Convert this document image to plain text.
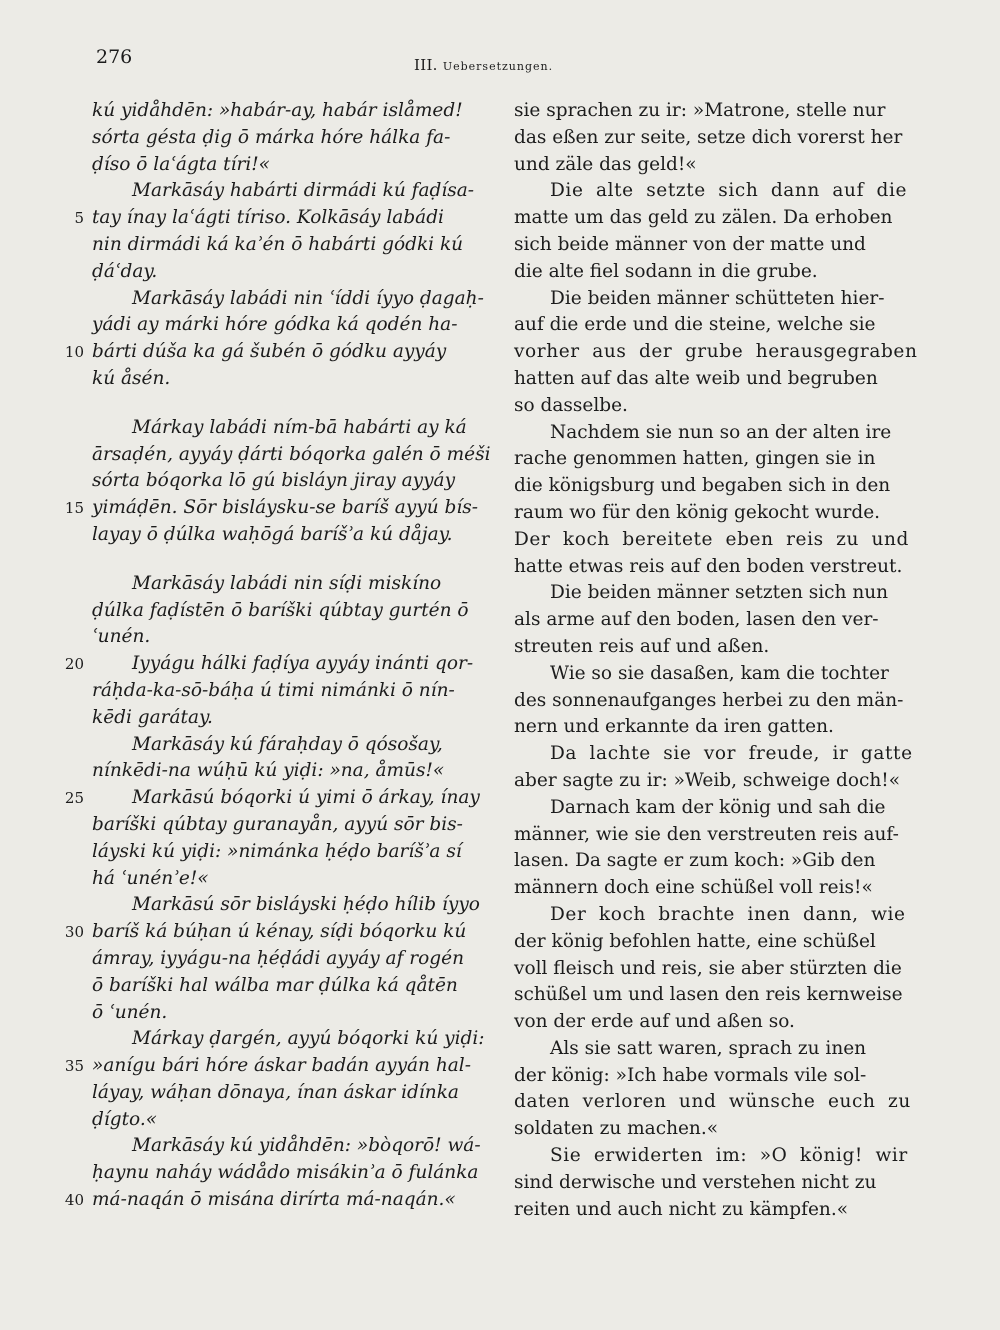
276	III. Uebersetzungen.
kú yidåhdēn: »habár-ay, habár islåmed!
sórta gésta ḍig ō márka hóre hálka fa-
ḍíso ō laʿágta tíri!«
Markāsáy habárti dirmádi kú faḍísa-
5 tay ínay laʿágti tíriso. Kolkāsáy labádi
nin dirmádi ká kaʾén ō habárti gódki kú
ḍáʿday.
Markāsáy labádi nin ʿíddi íyyo ḍagaḥ-
yádi ay márki hóre gódka ká qodén ha-
10 bárti dúša ka gá šubén ō gódku ayyáy
kú åsén.
Márkay labádi ním-bā habárti ay ká
ārsaḍén, ayyáy ḍárti bóqorka galén ō méši
sórta bóqorka lō gú bisláyn jiray ayyáy
15 yimáḍēn. Sōr bisláysku-se baríš ayyú bís-
layay ō ḍúlka waḥōgá baríšʾa kú dåjay.
Markāsáy labádi nin síḍi miskíno
ḍúlka faḍístēn ō baríški qúbtay gurtén ō
ʿunén.
20	Iyyágu hálki faḍíya ayyáy inánti qor-
ráḥda-ka-sō-báḥa ú timi nimánki ō nín-
kēdi garátay.
Markāsáy kú fáraḥday ō qósošay,
nínkēdi-na wúḥū kú yiḍi: »na, åmūs!«
25	Markāsú bóqorki ú yimi ō árkay, ínay
baríški qúbtay guranayån, ayyú sōr bis-
láyski kú yiḍi: »nimánka ḥéḍo baríšʾa sí
há ʿunénʾe!«
Markāsú sōr bisláyski ḥéḍo hílib íyyo
30 baríš ká búḥan ú kénay, síḍi bóqorku kú
ámray, iyyágu-na ḥéḍádi ayyáy af rogén
ō baríški hal wálba mar ḍúlka ká qåtēn
ō ʿunén.
Márkay ḍargén, ayyú bóqorki kú yiḍi:
35 »anígu bári hóre áskar badán ayyán hal-
láyay, wáḥan dōnaya, ínan áskar idínka
ḍígto.«
Markāsáy kú yidåhdēn: »bòqorō! wá-
ḥaynu naháy wádådo misákinʾa ō fulánka
40 má-naqán ō misána dirírta má-naqán.«
sie sprachen zu ir: »Matrone, stelle nur
das eßen zur seite, setze dich vorerst her
und zäle das geld!«
Die alte setzte sich dann auf die
matte um das geld zu zälen. Da erhoben
sich beide männer von der matte und
die alte fiel sodann in die grube.
Die beiden männer schütteten hier-
auf die erde und die steine, welche sie
vorher aus der grube herausgegraben
hatten auf das alte weib und begruben
so dasselbe.
Nachdem sie nun so an der alten ire
rache genommen hatten, gingen sie in
die königsburg und begaben sich in den
raum wo für den könig gekocht wurde.
Der koch bereitete eben reis zu und
hatte etwas reis auf den boden verstreut.
Die beiden männer setzten sich nun
als arme auf den boden, lasen den ver-
streuten reis auf und aßen.
Wie so sie dasaßen, kam die tochter
des sonnenaufganges herbei zu den män-
nern und erkannte da iren gatten.
Da lachte sie vor freude, ir gatte
aber sagte zu ir: »Weib, schweige doch!«
Darnach kam der könig und sah die
männer, wie sie den verstreuten reis auf-
lasen. Da sagte er zum koch: »Gib den
männern doch eine schüßel voll reis!«
Der koch brachte inen dann, wie
der könig befohlen hatte, eine schüßel
voll fleisch und reis, sie aber stürzten die
schüßel um und lasen den reis kernweise
von der erde auf und aßen so.
Als sie satt waren, sprach zu inen
der könig: »Ich habe vormals vile sol-
daten verloren und wünsche euch zu
soldaten zu machen.«
Sie erwiderten im: »O könig! wir
sind derwische und verstehen nicht zu
reiten und auch nicht zu kämpfen.«
